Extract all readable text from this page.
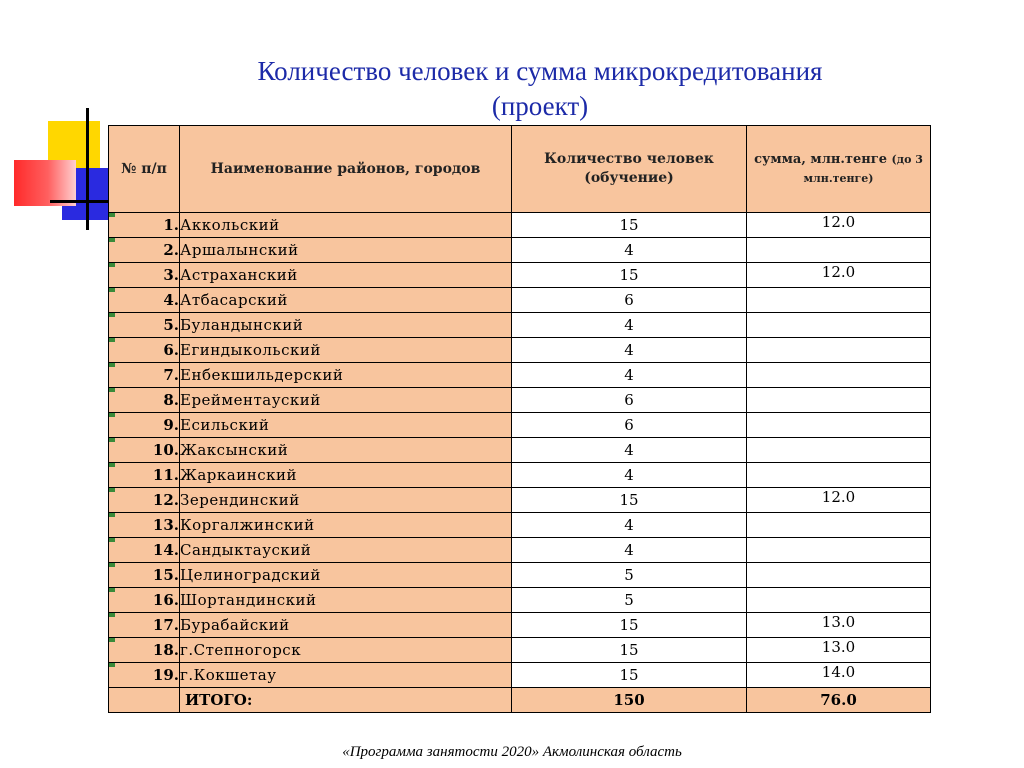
Количество человек и сумма микрокредитования
(проект)
№ п/п	Наименование районов, городов	Количество человек (обучение)	сумма, млн.тенге (до 3 млн.тенге)
1.	Аккольский	15	12.0
2.	Аршалынский	4	
3.	Астраханский	15	12.0
4.	Атбасарский	6	
5.	Буландынский	4	
6.	Егиндыкольский	4	
7.	Енбекшильдерский	4	
8.	Ерейментауский	6	
9.	Есильский	6	
10.	Жаксынский	4	
11.	Жаркаинский	4	
12.	Зерендинский	15	12.0
13.	Коргалжинский	4	
14.	Сандыктауский	4	
15.	Целиноградский	5	
16.	Шортандинский	5	
17.	Бурабайский	15	13.0
18.	г.Степногорск	15	13.0
19.	г.Кокшетау	15	14.0
	ИТОГО:	150	76.0
«Программа занятости 2020» Акмолинская область
